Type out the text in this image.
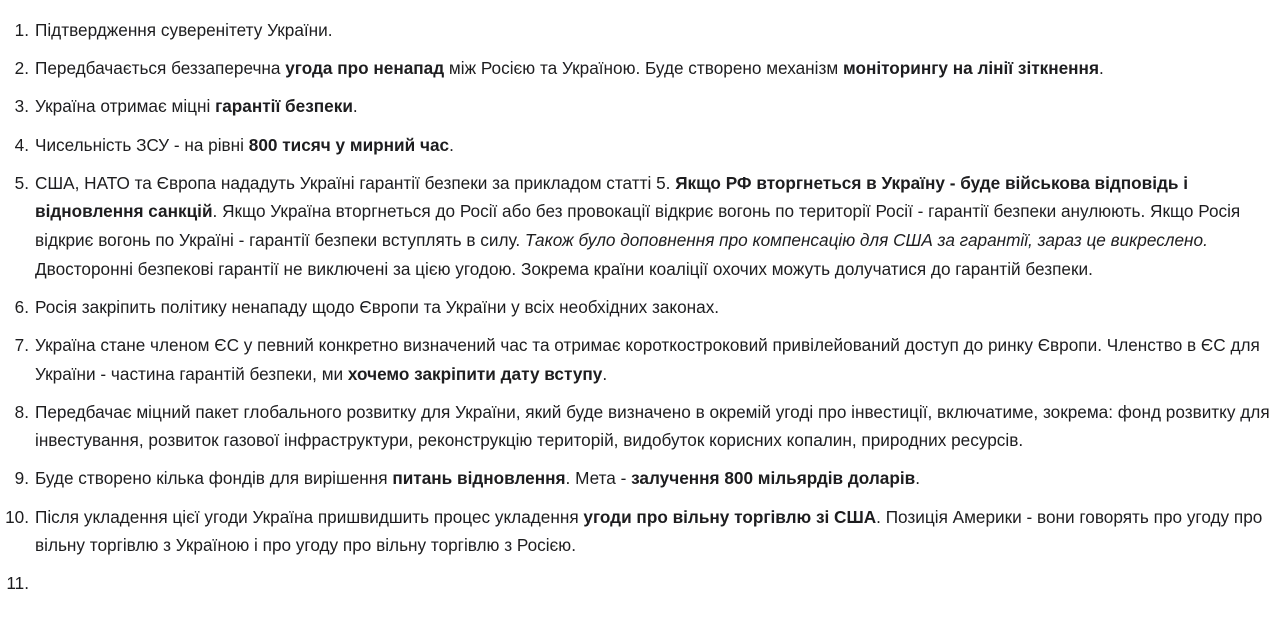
1. Підтвердження суверенітету України.
2. Передбачається беззаперечна угода про ненапад між Росією та Україною. Буде створено механізм моніторингу на лінії зіткнення.
3. Україна отримає міцні гарантії безпеки.
4. Чисельність ЗСУ - на рівні 800 тисяч у мирний час.
5. США, НАТО та Європа нададуть Україні гарантії безпеки за прикладом статті 5. Якщо РФ вторгнеться в Україну - буде військова відповідь і відновлення санкцій. Якщо Україна вторгнеться до Росії або без провокації відкриє вогонь по території Росії - гарантії безпеки анулюють. Якщо Росія відкриє вогонь по Україні - гарантії безпеки вступлять в силу. Також було доповнення про компенсацію для США за гарантії, зараз це викреслено. Двосторонні безпекові гарантії не виключені за цією угодою. Зокрема країни коаліції охочих можуть долучатися до гарантій безпеки.
6. Росія закріпить політику ненападу щодо Європи та України у всіх необхідних законах.
7. Україна стане членом ЄС у певний конкретно визначений час та отримає короткостроковий привілейований доступ до ринку Європи. Членство в ЄС для України - частина гарантій безпеки, ми хочемо закріпити дату вступу.
8. Передбачає міцний пакет глобального розвитку для України, який буде визначено в окремій угоді про інвестиції, включатиме, зокрема: фонд розвитку для інвестування, розвиток газової інфраструктури, реконструкцію територій, видобуток корисних копалин, природних ресурсів.
9. Буде створено кілька фондів для вирішення питань відновлення. Мета - залучення 800 мільярдів доларів.
10. Після укладення цієї угоди Україна пришвидшить процес укладення угоди про вільну торгівлю зі США. Позиція Америки - вони говорять про угоду про вільну торгівлю з Україною і про угоду про вільну торгівлю з Росією.
11.
